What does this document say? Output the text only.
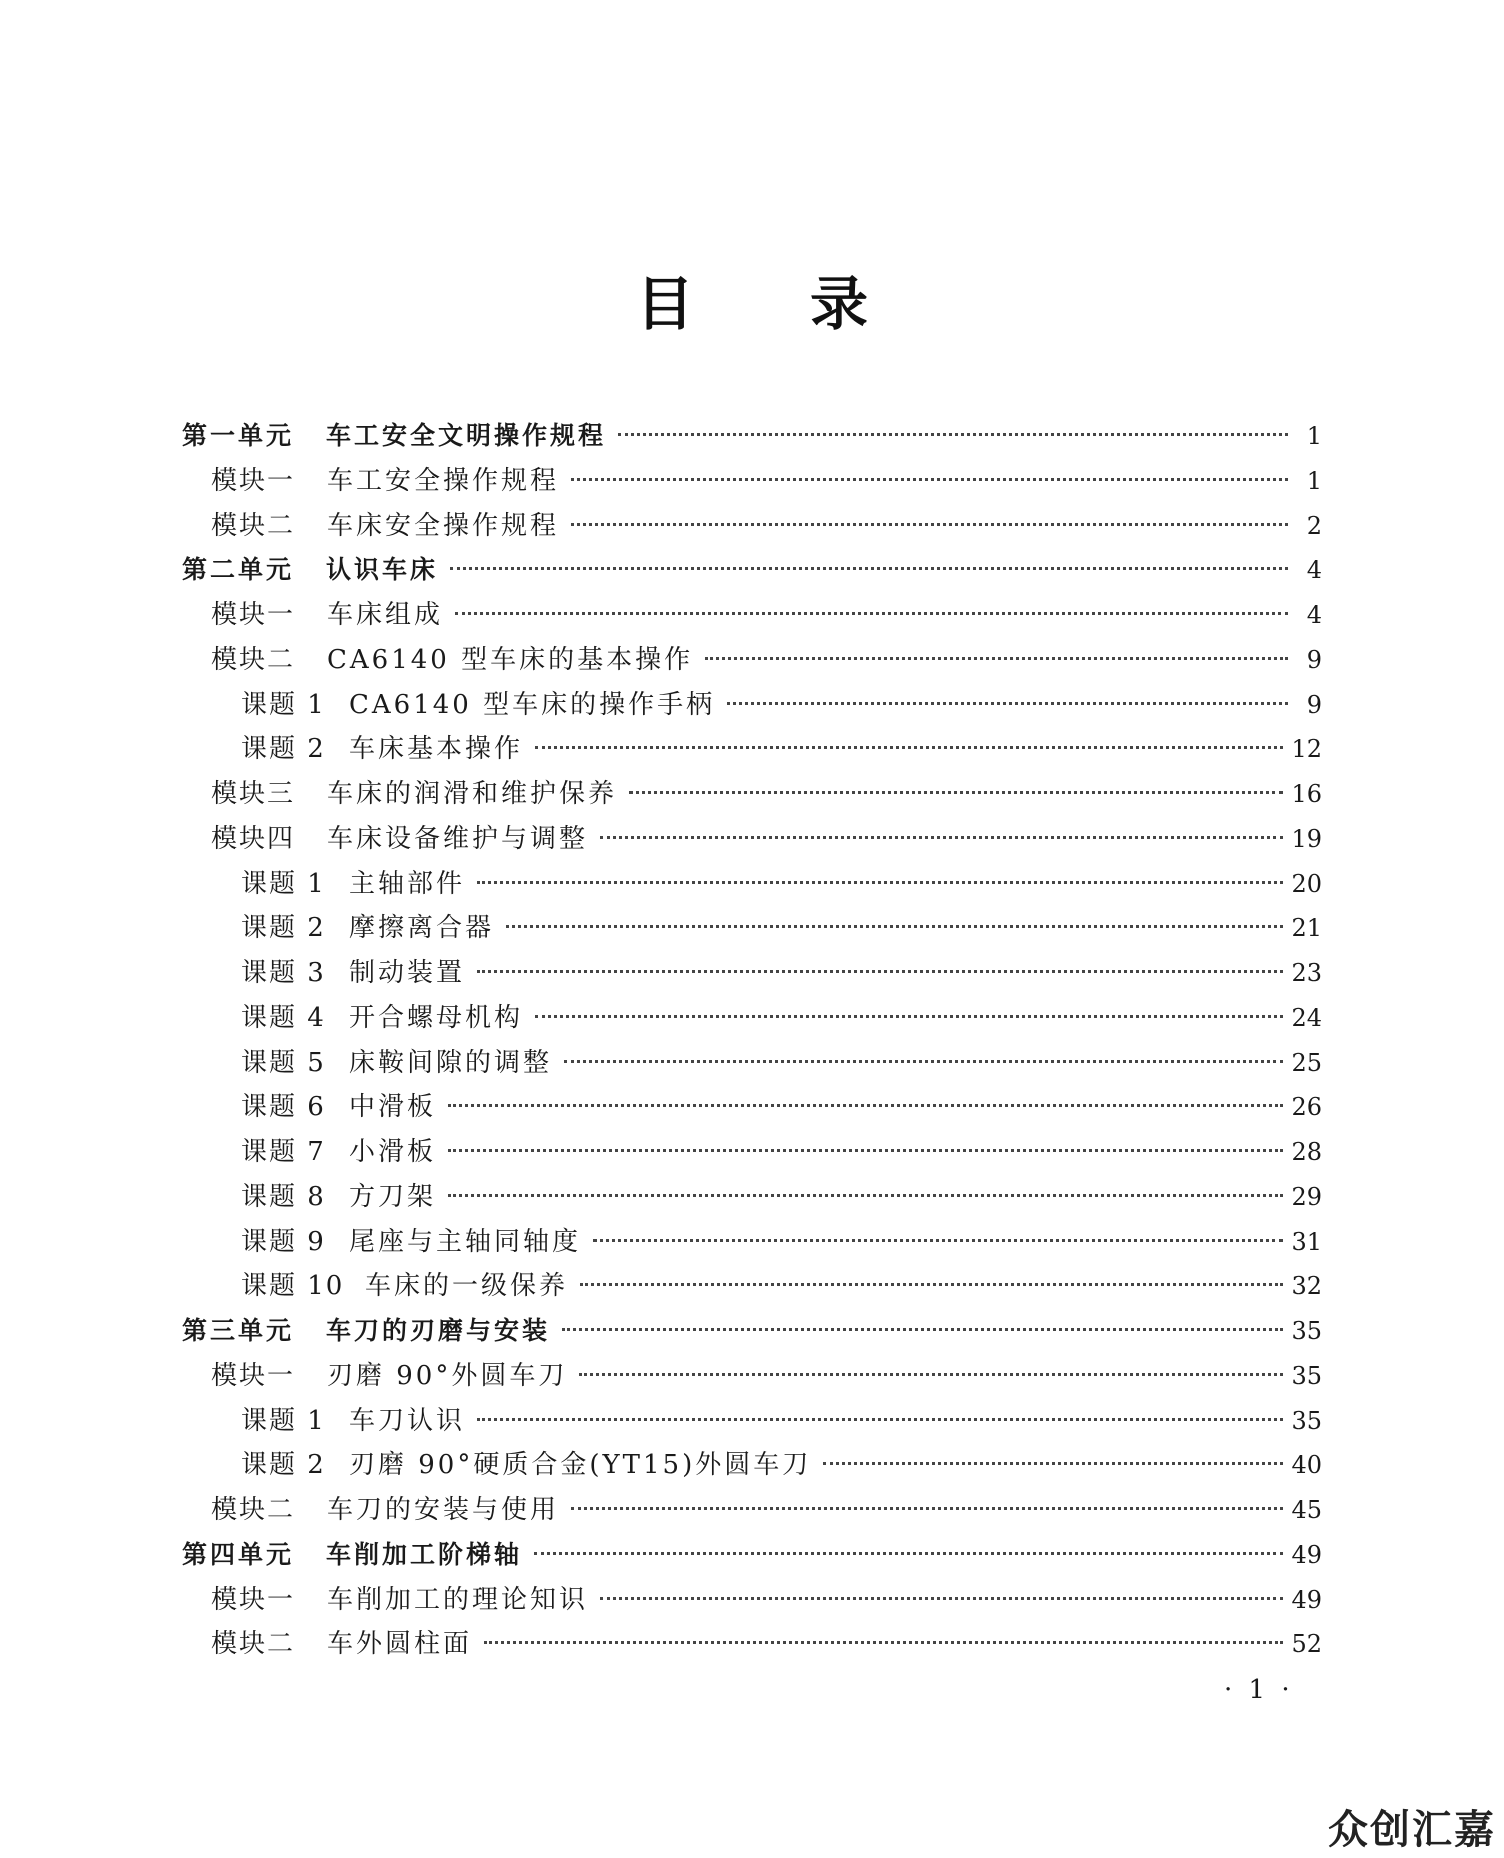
目 录
第一单元	车工安全文明操作规程	1
模块一	车工安全操作规程	1
模块二	车床安全操作规程	2
第二单元	认识车床	4
模块一	车床组成	4
模块二	CA6140 型车床的基本操作	9
课题 1 CA6140 型车床的操作手柄	9
课题 2 车床基本操作	12
模块三	车床的润滑和维护保养	16
模块四	车床设备维护与调整	19
课题 1 主轴部件	20
课题 2 摩擦离合器	21
课题 3 制动装置	23
课题 4 开合螺母机构	24
课题 5 床鞍间隙的调整	25
课题 6 中滑板	26
课题 7 小滑板	28
课题 8 方刀架	29
课题 9 尾座与主轴同轴度	31
课题 10 车床的一级保养	32
第三单元	车刀的刃磨与安装	35
模块一	刃磨 90°外圆车刀	35
课题 1 车刀认识	35
课题 2 刃磨 90°硬质合金(YT15)外圆车刀	40
模块二	车刀的安装与使用	45
第四单元	车削加工阶梯轴	49
模块一	车削加工的理论知识	49
模块二	车外圆柱面	52
· 1 ·
众创汇嘉
